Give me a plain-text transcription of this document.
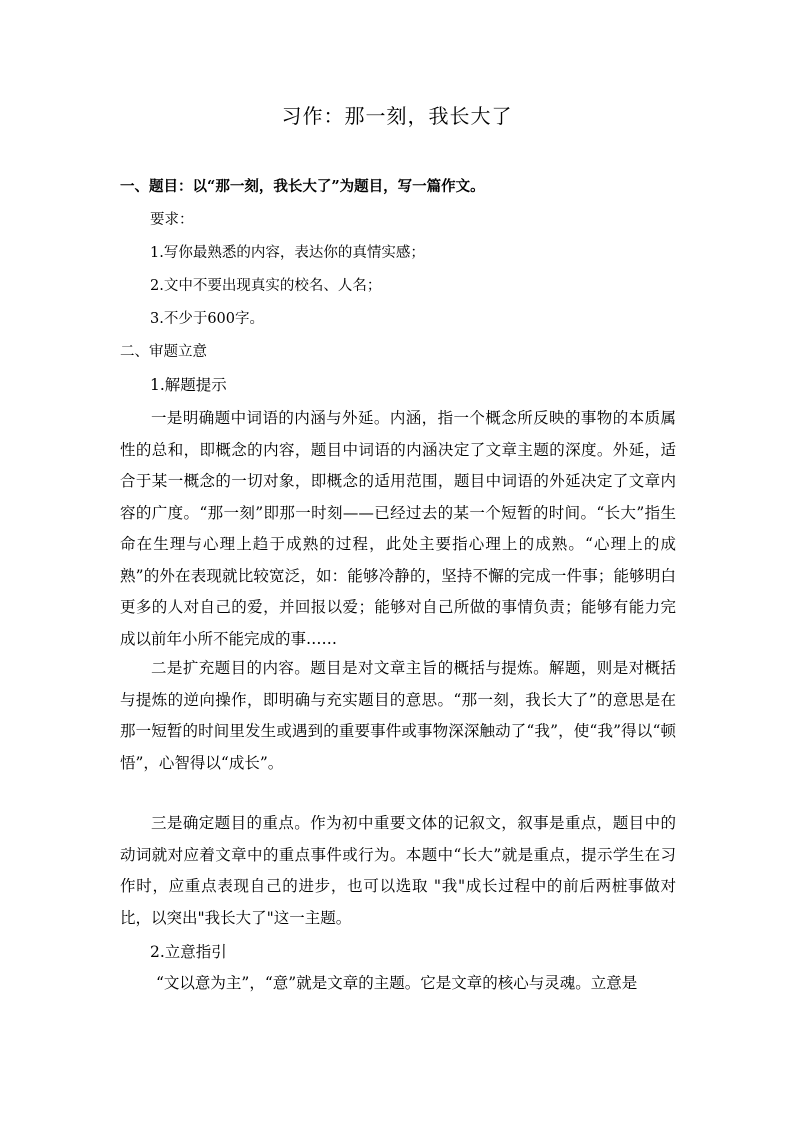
习作：那一刻，我长大了
一、题目：以“那一刻，我长大了”为题目，写一篇作文。
要求：
1.写你最熟悉的内容，表达你的真情实感；
2.文中不要出现真实的校名、人名；
3.不少于600字。
二、审题立意
1.解题提示

一是明确题中词语的内涵与外延。内涵，指一个概念所反映的事物的本质属性的总和，即概念的内容，题目中词语的内涵决定了文章主题的深度。外延，适合于某一概念的一切对象，即概念的适用范围，题目中词语的外延决定了文章内容的广度。“那一刻”即那一时刻——已经过去的某一个短暂的时间。“长大”指生命在生理与心理上趋于成熟的过程，此处主要指心理上的成熟。“心理上的成熟”的外在表现就比较宽泛，如：能够冷静的，坚持不懈的完成一件事；能够明白更多的人对自己的爱，并回报以爱；能够对自己所做的事情负责；能够有能力完成以前年小所不能完成的事……

二是扩充题目的内容。题目是对文章主旨的概括与提炼。解题，则是对概括与提炼的逆向操作，即明确与充实题目的意思。“那一刻，我长大了”的意思是在那一短暂的时间里发生或遇到的重要事件或事物深深触动了“我”，使“我”得以“顿悟”，心智得以“成长”。

三是确定题目的重点。作为初中重要文体的记叙文，叙事是重点，题目中的动词就对应着文章中的重点事件或行为。本题中“长大”就是重点，提示学生在习作时，应重点表现自己的进步，也可以选取 "我"成长过程中的前后两桩事做对比，以突出"我长大了"这一主题。

2.立意指引

“文以意为主”，“意”就是文章的主题。它是文章的核心与灵魂。立意是
